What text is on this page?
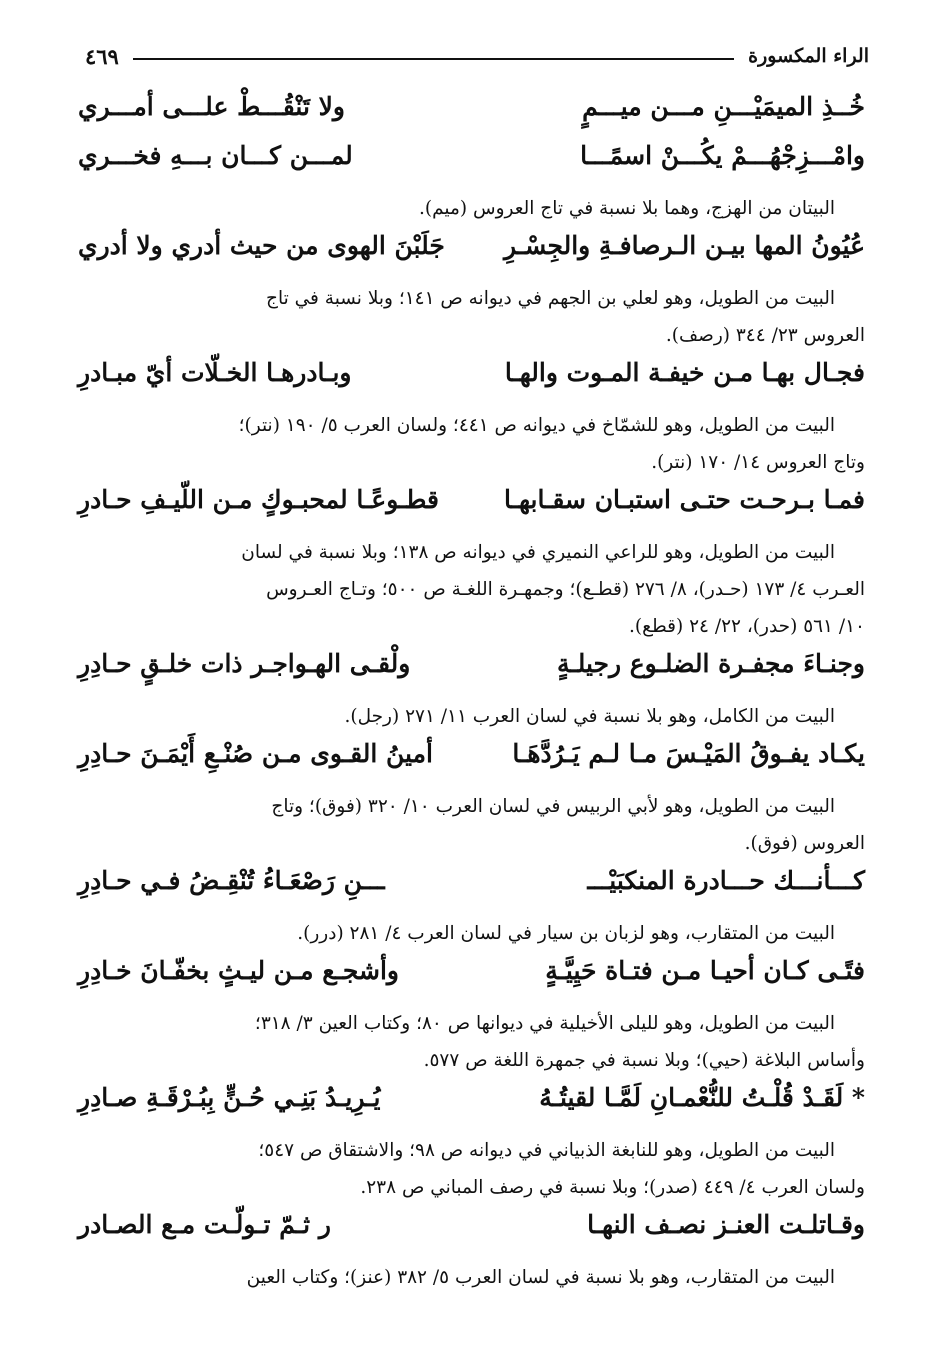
الراء المكسورة
٤٦٩
خُــذِ الميمَيْـــنِ مـــن ميـــمٍ
ولا تَنْقُـــطْ علـــى أمـــري
وامْـــزِجْهُـــمْ يكُـــنْ اسمًـــا
لمـــن كـــان بـــهِ فخـــري
البيتان من الهزج، وهما بلا نسبة في تاج العروس (ميم).
عُيُونُ المها بيـن الـرصافـةِ والجِسْـرِ
جَلَبْنَ الهوى من حيث أدري ولا أدري
البيت من الطويل، وهو لعلي بن الجهم في ديوانه ص ١٤١؛ وبلا نسبة في تاج
العروس ٢٣/ ٣٤٤ (رصف).
فجـال بهـا مـن خيفـة المـوت والهـا
وبـادرهـا الخـلّات أيّ مبـادرِ
البيت من الطويل، وهو للشمّاخ في ديوانه ص ٤٤١؛ ولسان العرب ٥/ ١٩٠ (نتر)؛
وتاج العروس ١٤/ ١٧٠ (نتر).
فمـا بـرحـت حتـى استبـان سقـابهـا
قطـوعًـا لمحبـوكٍ مـن اللّيـفِ حـادرِ
البيت من الطويل، وهو للراعي النميري في ديوانه ص ١٣٨؛ وبلا نسبة في لسان
العـرب ٤/ ١٧٣ (حـدر)، ٨/ ٢٧٦ (قطـع)؛ وجمهـرة اللغـة ص ٥٠٠؛ وتـاج العـروس
١٠/ ٥٦١ (حدر)، ٢٢/ ٢٤ (قطع).
وجنـاءَ مجفـرة الضلـوع رجيلـةٍ
ولْقـى الهـواجـر ذات خلـقٍ حـادِرِ
البيت من الكامل، وهو بلا نسبة في لسان العرب ١١/ ٢٧١ (رجل).
يكـاد يفـوقُ المَيْـسَ مـا لـم يَـرُدَّهَـا
أمينُ القـوى مـن صُنْـعِ أَيْمَـنَ حـادِرِ
البيت من الطويل، وهو لأبي الربيس في لسان العرب ١٠/ ٣٢٠ (فوق)؛ وتاج
العروس (فوق).
كـــأنـــك حـــادرة المنكبَيْـــ
ـــنِ رَصْعَـاءُ تُنْقِـضُ فـي حـادِرِ
البيت من المتقارب، وهو لزبان بن سيار في لسان العرب ٤/ ٢٨١ (درر).
فتًـى كـان أحيـا مـن فتـاة حَيِيَّـةٍ
وأشجـع مـن ليـثٍ بخفّـانَ خـادِرِ
البيت من الطويل، وهو لليلى الأخيلية في ديوانها ص ٨٠؛ وكتاب العين ٣/ ٣١٨؛
وأساس البلاغة (حيي)؛ وبلا نسبة في جمهرة اللغة ص ٥٧٧.
* لَقَـدْ قُلْـتُ للنُّعْمـانِ لَمَّـا لقيتُـهُ
يُـرِيـدُ بَنِـي حُـنٍّ بِبُـرْقَـةِ صـادِرِ
البيت من الطويل، وهو للنابغة الذبياني في ديوانه ص ٩٨؛ والاشتقاق ص ٥٤٧؛
ولسان العرب ٤/ ٤٤٩ (صدر)؛ وبلا نسبة في رصف المباني ص ٢٣٨.
وقـاتلـت العنـز نصـف النهـا
ر ثـمّ تـولّـت مـع الصـادر
البيت من المتقارب، وهو بلا نسبة في لسان العرب ٥/ ٣٨٢ (عنز)؛ وكتاب العين
